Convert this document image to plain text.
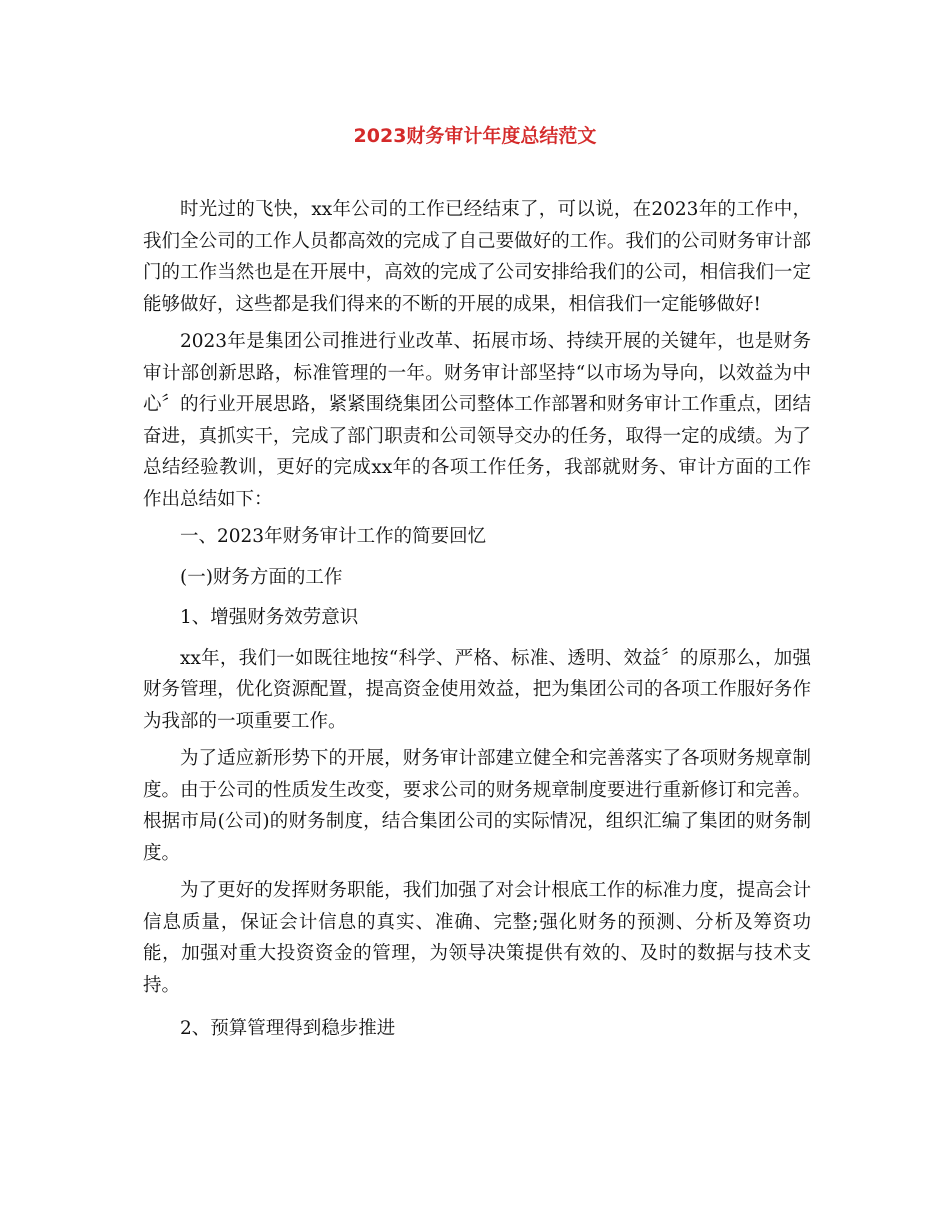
2023财务审计年度总结范文

时光过的飞快，xx年公司的工作已经结束了，可以说，在2023年的工作中，我们全公司的工作人员都高效的完成了自己要做好的工作。我们的公司财务审计部门的工作当然也是在开展中，高效的完成了公司安排给我们的公司，相信我们一定能够做好，这些都是我们得来的不断的开展的成果，相信我们一定能够做好!

2023年是集团公司推进行业改革、拓展市场、持续开展的关键年，也是财务审计部创新思路，标准管理的一年。财务审计部坚持“以市场为导向，以效益为中心〞的行业开展思路，紧紧围绕集团公司整体工作部署和财务审计工作重点，团结奋进，真抓实干，完成了部门职责和公司领导交办的任务，取得一定的成绩。为了总结经验教训，更好的完成xx年的各项工作任务，我部就财务、审计方面的工作作出总结如下：

一、2023年财务审计工作的简要回忆

(一)财务方面的工作

1、增强财务效劳意识

xx年，我们一如既往地按“科学、严格、标准、透明、效益〞的原那么，加强财务管理，优化资源配置，提高资金使用效益，把为集团公司的各项工作服好务作为我部的一项重要工作。

为了适应新形势下的开展，财务审计部建立健全和完善落实了各项财务规章制度。由于公司的性质发生改变，要求公司的财务规章制度要进行重新修订和完善。根据市局(公司)的财务制度，结合集团公司的实际情况，组织汇编了集团的财务制度。

为了更好的发挥财务职能，我们加强了对会计根底工作的标准力度，提高会计信息质量，保证会计信息的真实、准确、完整;强化财务的预测、分析及筹资功能，加强对重大投资资金的管理，为领导决策提供有效的、及时的数据与技术支持。

2、预算管理得到稳步推进
